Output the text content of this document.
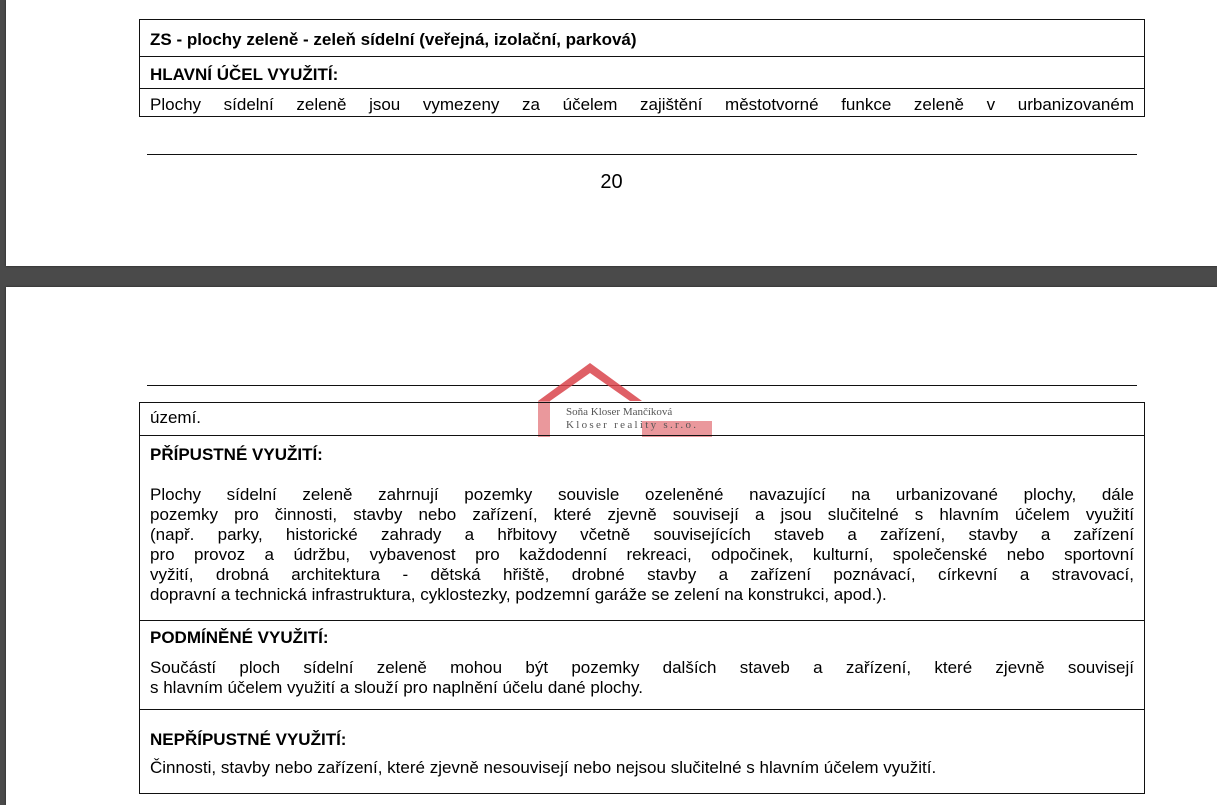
ZS - plochy zeleně - zeleň sídelní (veřejná, izolační, parková)

HLAVNÍ ÚČEL VYUŽITÍ:

Plochy sídelní zeleně jsou vymezeny za účelem zajištění městotvorné funkce zeleně v urbanizovaném

20
Soňa Kloser Mančíková
Kloser reality s.r.o.

území.

PŘÍPUSTNÉ VYUŽITÍ:

Plochy sídelní zeleně zahrnují pozemky souvisle ozeleněné navazující na urbanizované plochy, dále

pozemky pro činnosti, stavby nebo zařízení, které zjevně souvisejí a jsou slučitelné s hlavním účelem využití

(např. parky, historické zahrady a hřbitovy včetně souvisejících staveb a zařízení, stavby a zařízení

pro provoz a údržbu, vybavenost pro každodenní rekreaci, odpočinek, kulturní, společenské nebo sportovní

vyžití, drobná architektura - dětská hřiště, drobné stavby a zařízení poznávací, církevní a stravovací,

dopravní a technická infrastruktura, cyklostezky, podzemní garáže se zelení na konstrukci, apod.).

PODMÍNĚNÉ VYUŽITÍ:

Součástí ploch sídelní zeleně mohou být pozemky dalších staveb a zařízení, které zjevně souvisejí

s hlavním účelem využití a slouží pro naplnění účelu dané plochy.

NEPŘÍPUSTNÉ VYUŽITÍ:

Činnosti, stavby nebo zařízení, které zjevně nesouvisejí nebo nejsou slučitelné s hlavním účelem využití.
